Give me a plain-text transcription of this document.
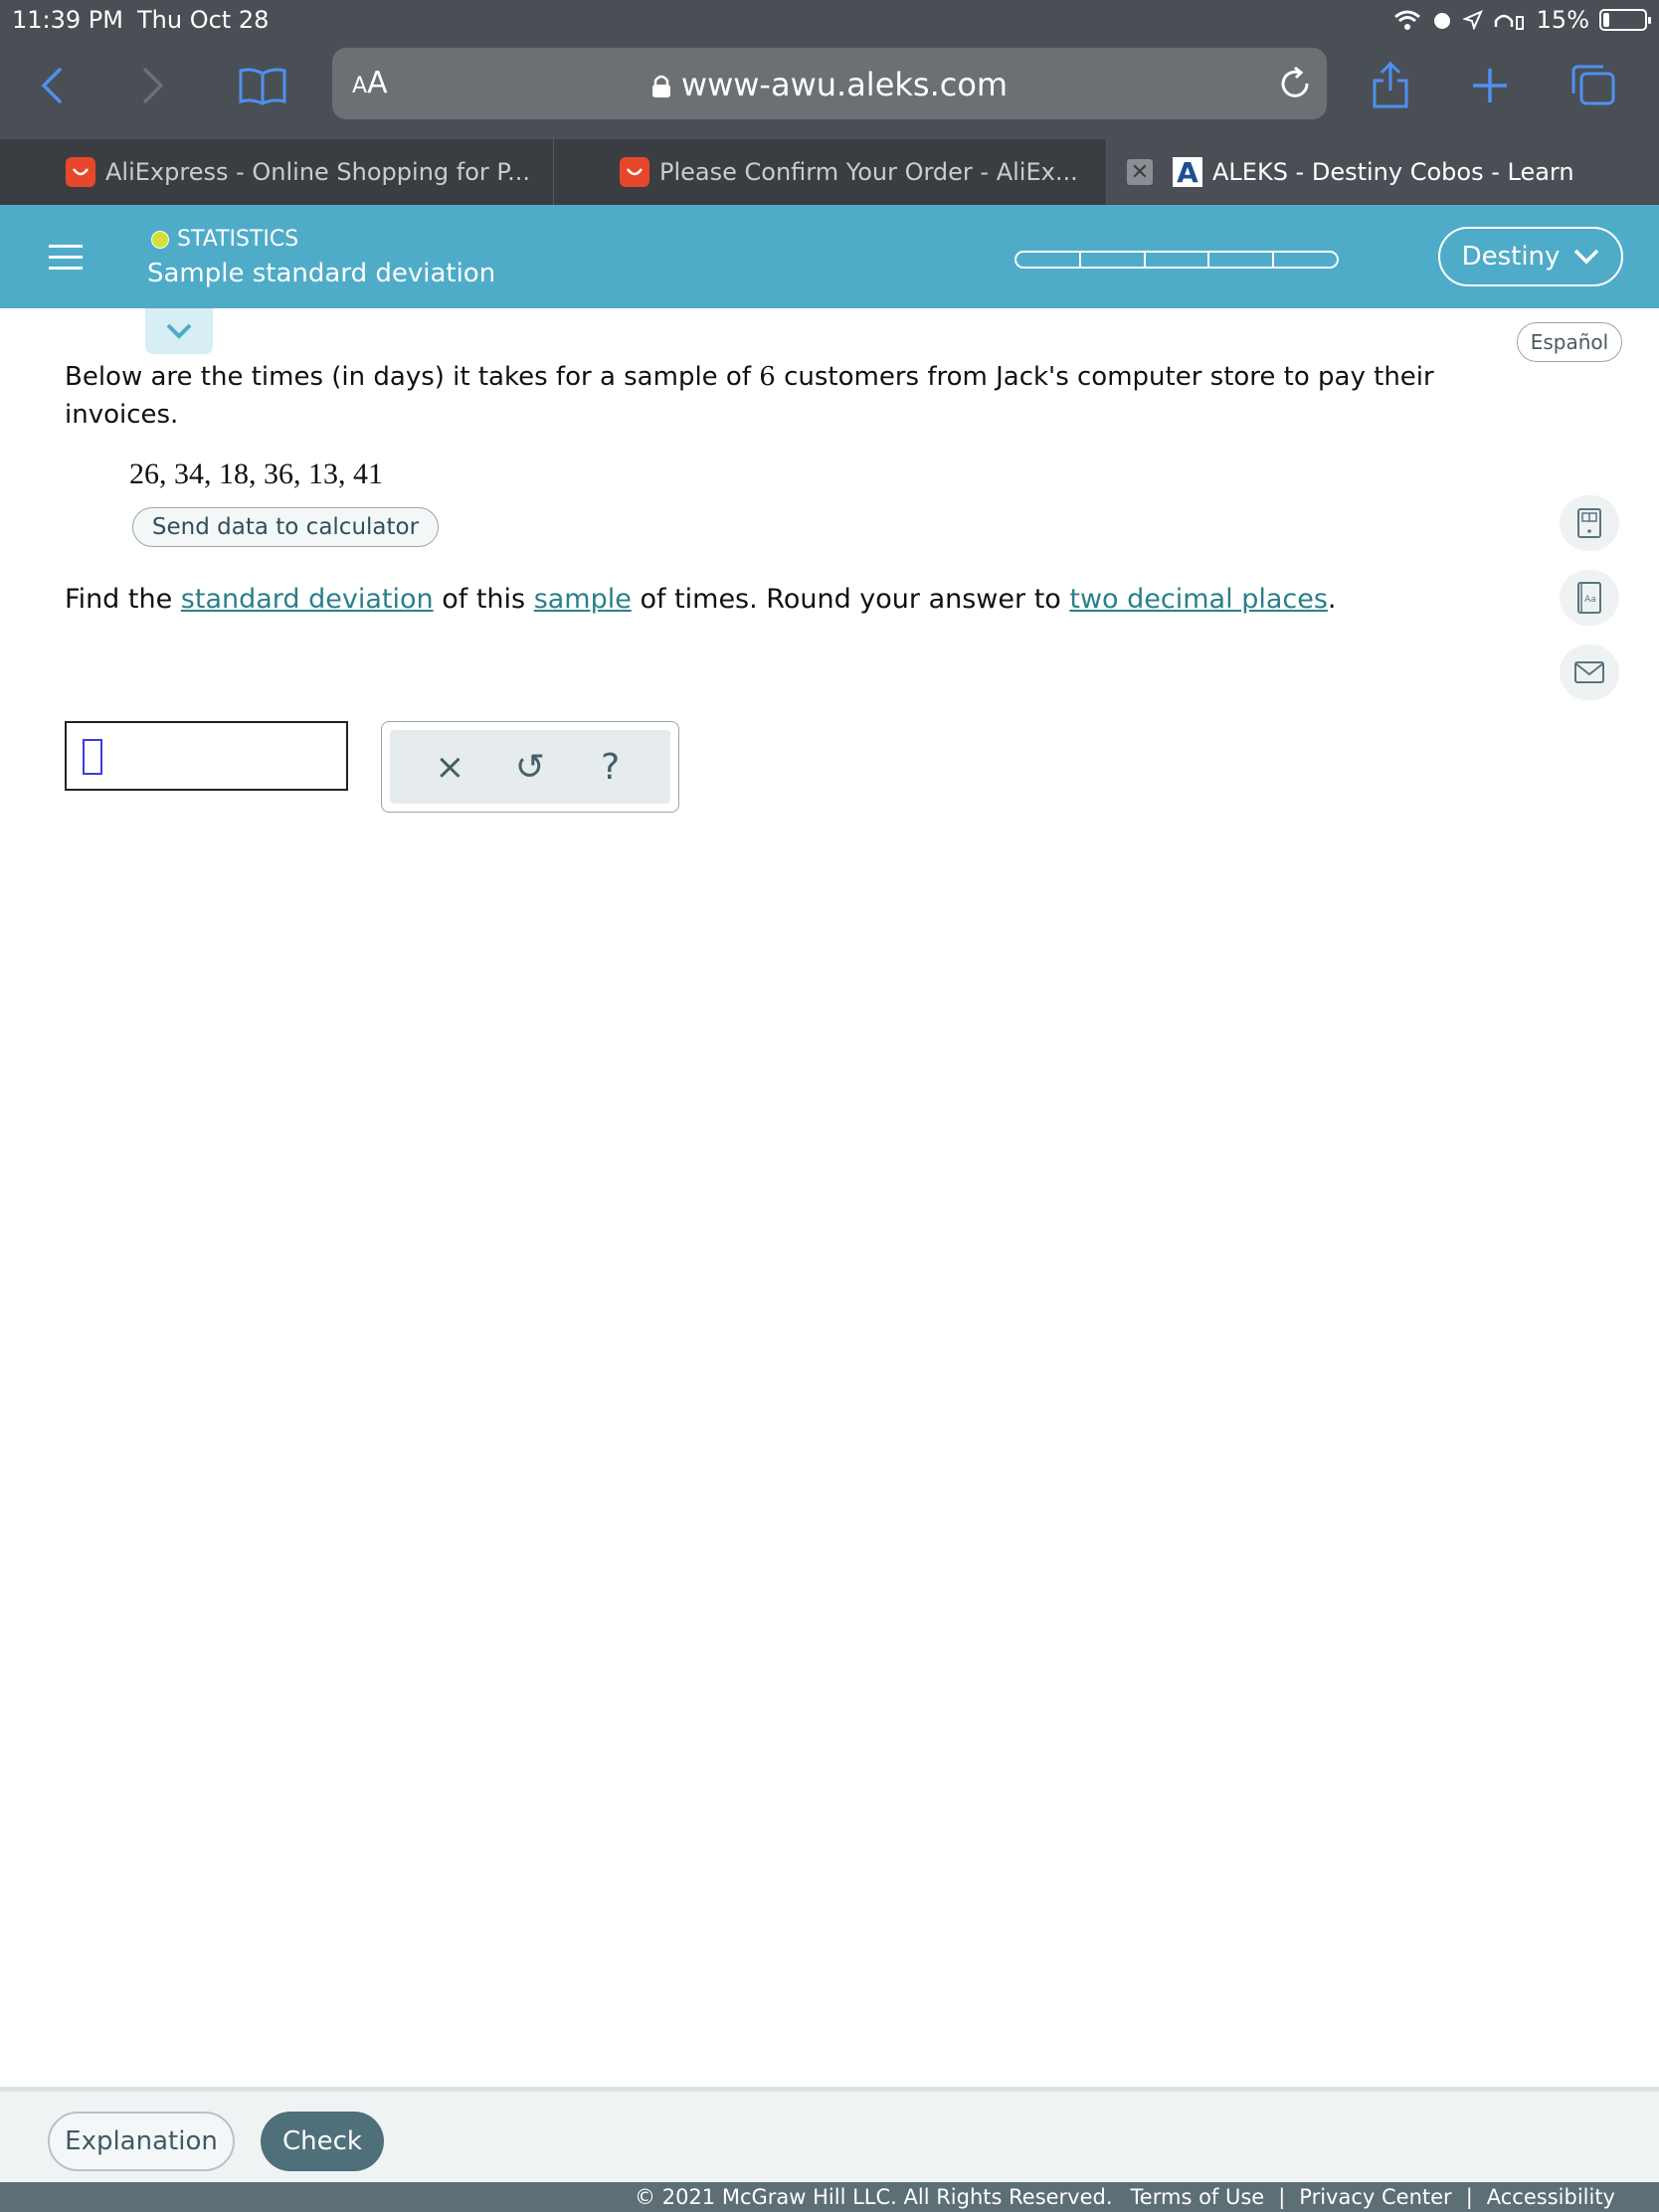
11:39 PM Thu Oct 28	15%
AA	www-awu.aleks.com
AliExpress - Online Shopping for P...	Please Confirm Your Order - AliEx... ✕ A ALEKS - Destiny Cobos - Learn
STATISTICS
Sample standard deviation
Destiny
Español
Below are the times (in days) it takes for a sample of 6 customers from Jack's computer store to pay their invoices.
26, 34, 18, 36, 13, 41
Send data to calculator
Find the standard deviation of this sample of times. Round your answer to two decimal places.	Aa
×	↺	?
Explanation	Check
© 2021 McGraw Hill LLC. All Rights Reserved. Terms of Use | Privacy Center | Accessibility
